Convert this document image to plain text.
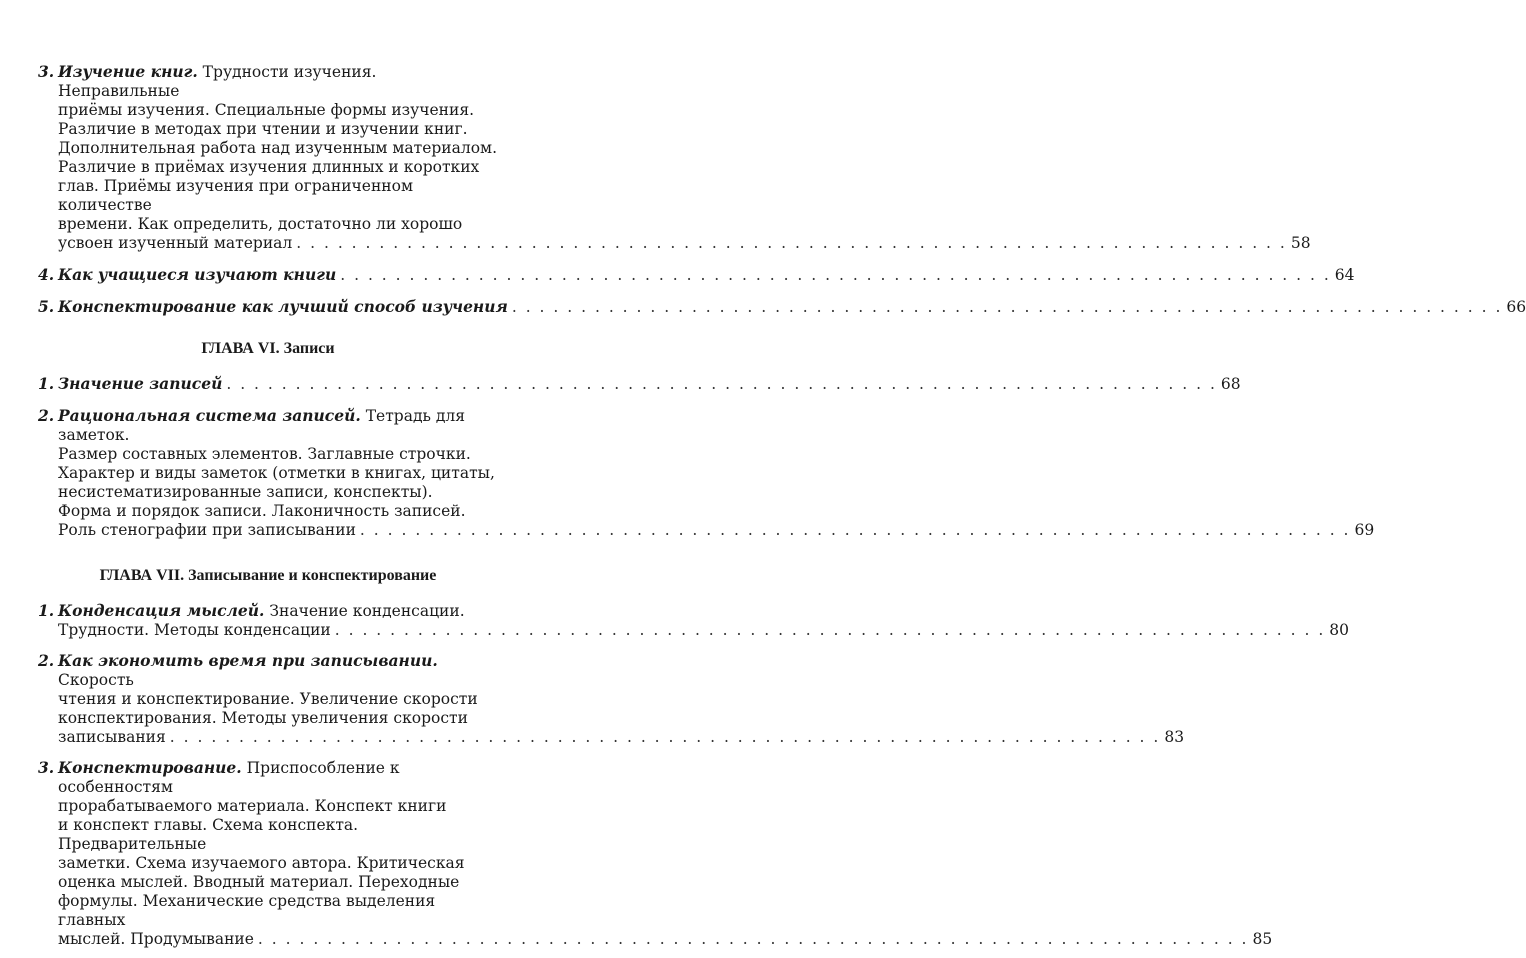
3. Изучение книг. Трудности изучения. Неправильные
приёмы изучения. Специальные формы изучения.
Различие в методах при чтении и изучении книг.
Дополнительная работа над изученным материалом.
Различие в приёмах изучения длинных и коротких
глав. Приёмы изучения при ограниченном количестве
времени. Как определить, достаточно ли хорошо
усвоен изученный материал . . .	58
4. Как учащиеся изучают книги . . .	64
5. Конспектирование как лучший способ изучения . . .	66
ГЛАВА VI. Записи
1. Значение записей . . .	68
2. Рациональная система записей. Тетрадь для заметок.
Размер составных элементов. Заглавные строчки.
Характер и виды заметок (отметки в книгах, цитаты,
несистематизированные записи, конспекты).
Форма и порядок записи. Лаконичность записей.
Роль стенографии при записывании . . .	69
ГЛАВА VII. Записывание и конспектирование
1. Конденсация мыслей. Значение конденсации.
Трудности. Методы конденсации . . .	80
2. Как экономить время при записывании. Скорость
чтения и конспектирование. Увеличение скорости
конспектирования. Методы увеличения скорости
записывания . . .	83
3. Конспектирование. Приспособление к особенностям
прорабатываемого материала. Конспект книги
и конспект главы. Схема конспекта. Предварительные
заметки. Схема изучаемого автора. Критическая
оценка мыслей. Вводный материал. Переходные
формулы. Механические средства выделения главных
мыслей. Продумывание . . .	85
